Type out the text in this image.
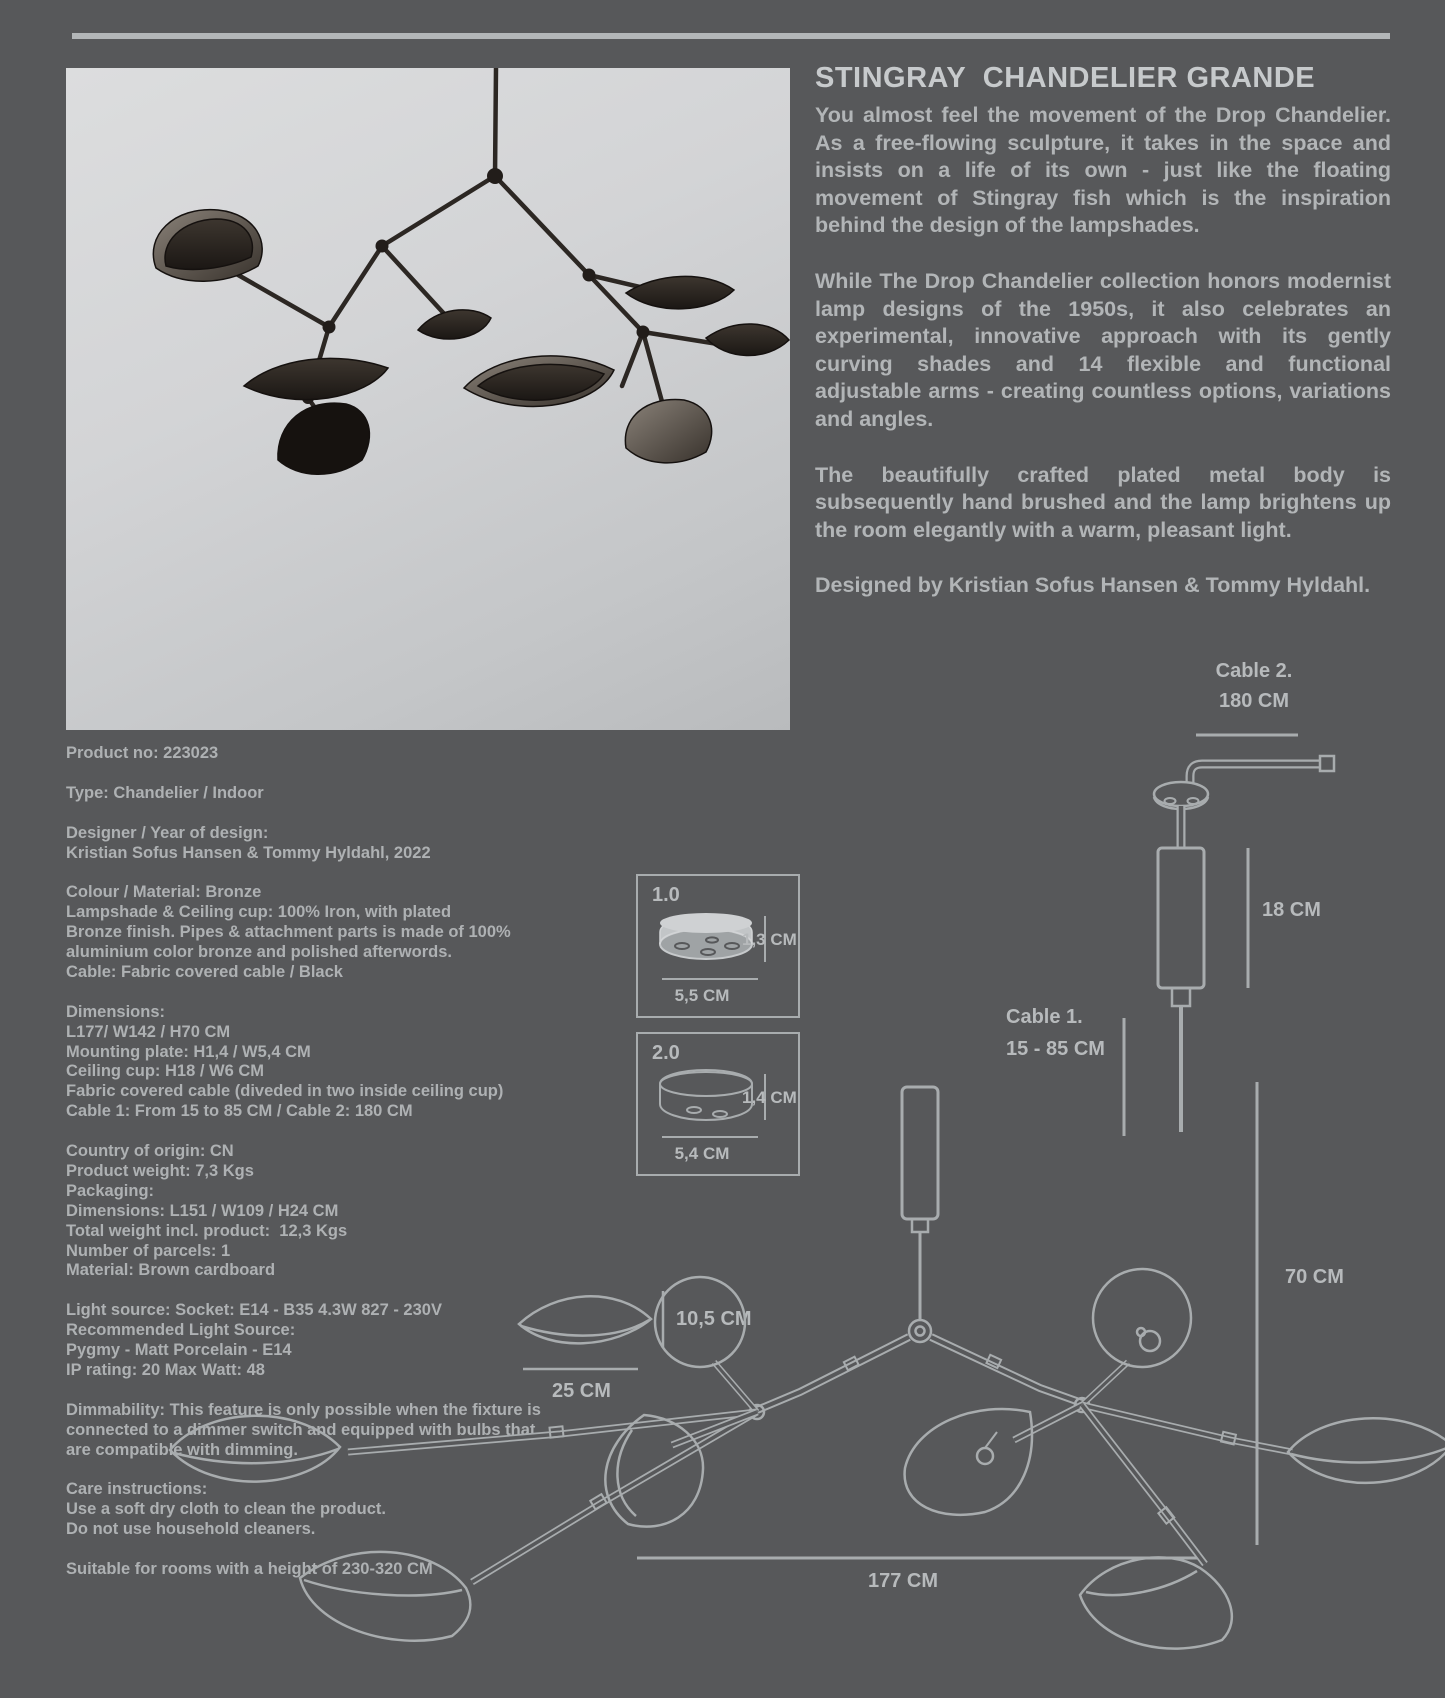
STINGRAY  CHANDELIER GRANDE

You almost feel the movement of the Drop Chandelier. As a free-flowing sculpture, it takes in the space and insists on a life of its own - just like the floating movement of Stingray fish which is the inspiration behind the design of the lampshades.

While The Drop Chandelier collection honors modernist lamp designs of the 1950s, it also celebrates an experimental, innovative approach with its gently curving shades and 14 flexible and functional adjustable arms - creating countless options, variations and angles.

The beautifully crafted plated metal body is subsequently hand brushed and the lamp brightens up the room elegantly with a warm, pleasant light.

Designed by Kristian Sofus Hansen & Tommy Hyldahl.

Product no: 223023
Type: Chandelier / Indoor
Designer / Year of design:
Kristian Sofus Hansen & Tommy Hyldahl, 2022
Colour / Material: Bronze
Lampshade & Ceiling cup: 100% Iron, with plated
Bronze finish. Pipes & attachment parts is made of 100%
aluminium color bronze and polished afterwords.
Cable: Fabric covered cable / Black
Dimensions:
L177/ W142 / H70 CM
Mounting plate: H1,4 / W5,4 CM
Ceiling cup: H18 / W6 CM
Fabric covered cable (diveded in two inside ceiling cup)
Cable 1: From 15 to 85 CM / Cable 2: 180 CM
Country of origin: CN
Product weight: 7,3 Kgs
Packaging:
Dimensions: L151 / W109 / H24 CM
Total weight incl. product:  12,3 Kgs
Number of parcels: 1
Material: Brown cardboard
Light source: Socket: E14 - B35 4.3W 827 - 230V
Recommended Light Source:
Pygmy - Matt Porcelain - E14
IP rating: 20 Max Watt: 48
Dimmability: This feature is only possible when the fixture is
connected to a dimmer switch and equipped with bulbs that
are compatible with dimming.
Care instructions:
Use a soft dry cloth to clean the product.
Do not use household cleaners.
Suitable for rooms with a height of 230-320 CM
1.0
1,3 CM
5,5 CM
2.0
1,4 CM
5,4 CM
Cable 2.
180 CM
18 CM
Cable 1.
15 - 85 CM
10,5 CM
25 CM
70 CM
177 CM
